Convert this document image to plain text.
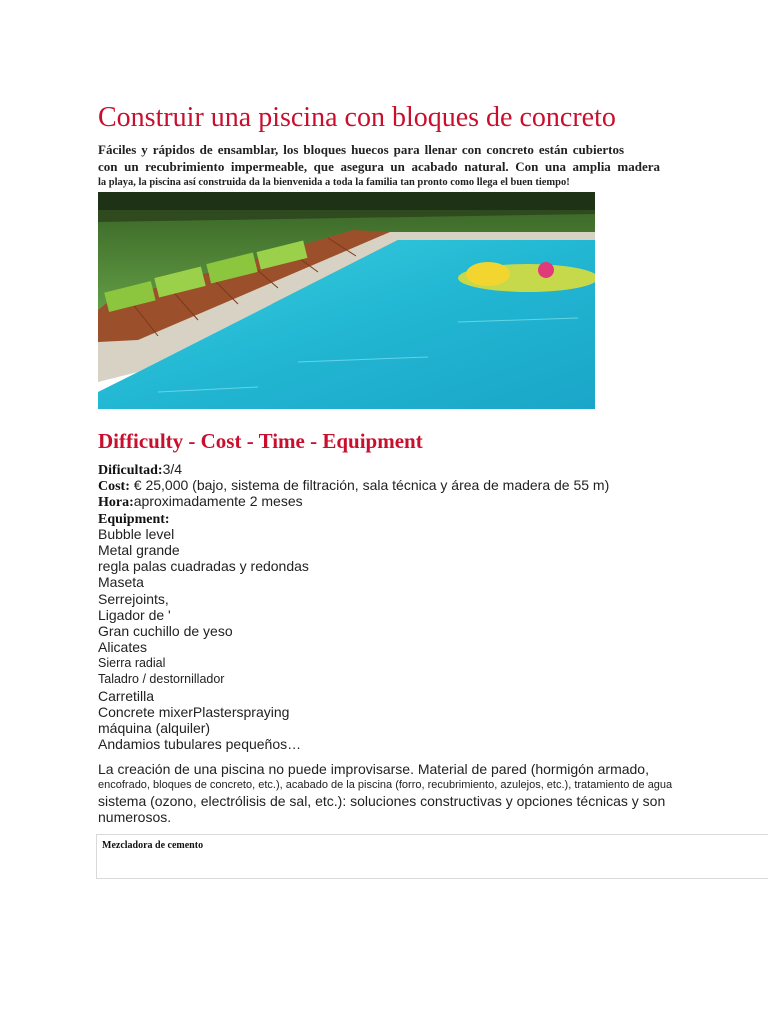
Construir una piscina con bloques de concreto

Fáciles y rápidos de ensamblar, los bloques huecos para llenar con concreto están cubiertos

con un recubrimiento impermeable, que asegura un acabado natural. Con una amplia madera

la playa, la piscina así construida da la bienvenida a toda la familia tan pronto como llega el buen tiempo!

Difficulty - Cost - Time - Equipment
Dificultad:3/4
Cost: € 25,000 (bajo, sistema de filtración, sala técnica y área de madera de 55 m)
Hora:aproximadamente 2 meses
Equipment:
Bubble level
Metal grande
regla palas cuadradas y redondas
Maseta
Serrejoints,
Ligador de '
Gran cuchillo de yeso
Alicates
Sierra radial
Taladro / destornillador
Carretilla
Concrete mixerPlasterspraying
máquina (alquiler)
Andamios tubulares pequeños…
La creación de una piscina no puede improvisarse. Material de pared (hormigón armado,
encofrado, bloques de concreto, etc.), acabado de la piscina (forro, recubrimiento, azulejos, etc.), tratamiento de agua
sistema (ozono, electrólisis de sal, etc.): soluciones constructivas y opciones técnicas y son
numerosos.
Mezcladora de cemento
